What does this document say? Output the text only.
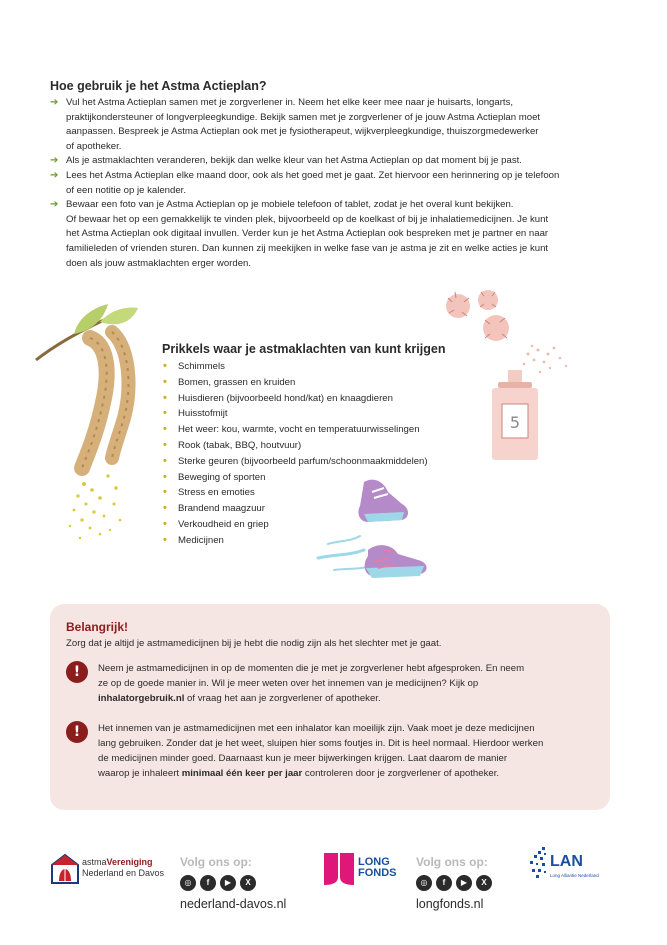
Hoe gebruik je het Astma Actieplan?
➔ Vul het Astma Actieplan samen met je zorgverlener in. Neem het elke keer mee naar je huisarts, longarts,
praktijkondersteuner of longverpleegkundige. Bekijk samen met je zorgverlener of je jouw Astma Actieplan moet
aanpassen. Bespreek je Astma Actieplan ook met je fysiotherapeut, wijkverpleegkundige, thuiszorgmedewerker
of apotheker.
➔ Als je astmaklachten veranderen, bekijk dan welke kleur van het Astma Actieplan op dat moment bij je past.
➔ Lees het Astma Actieplan elke maand door, ook als het goed met je gaat. Zet hiervoor een herinnering op je telefoon
of een notitie op je kalender.
➔ Bewaar een foto van je Astma Actieplan op je mobiele telefoon of tablet, zodat je het overal kunt bekijken.
Of bewaar het op een gemakkelijk te vinden plek, bijvoorbeeld op de koelkast of bij je inhalatiemedicijnen. Je kunt
het Astma Actieplan ook digitaal invullen. Verder kun je het Astma Actieplan ook bespreken met je partner en naar
familieleden of vrienden sturen. Dan kunnen zij meekijken in welke fase van je astma je zit en welke acties je kunt
doen als jouw astmaklachten erger worden.
Prikkels waar je astmaklachten van kunt krijgen
• Schimmels
• Bomen, grassen en kruiden
• Huisdieren (bijvoorbeeld hond/kat) en knaagdieren
• Huisstofmijt
• Het weer: kou, warmte, vocht en temperatuurwisselingen
• Rook (tabak, BBQ, houtvuur)
• Sterke geuren (bijvoorbeeld parfum/schoonmaakmiddelen)
• Beweging of sporten
• Stress en emoties
• Brandend maagzuur
• Verkoudheid en griep
• Medicijnen
5
Belangrijk!
Zorg dat je altijd je astmamedicijnen bij je hebt die nodig zijn als het slechter met je gaat.
!	Neem je astmamedicijnen in op de momenten die je met je zorgverlener hebt afgesproken. En neem
ze op de goede manier in. Wil je meer weten over het innemen van je medicijnen? Kijk op
inhalatorgebruik.nl of vraag het aan je zorgverlener of apotheker.
!	Het innemen van je astmamedicijnen met een inhalator kan moeilijk zijn. Vaak moet je deze medicijnen
lang gebruiken. Zonder dat je het weet, sluipen hier soms foutjes in. Dit is heel normaal. Hierdoor werken
de medicijnen minder goed. Daarnaast kun je meer bijwerkingen krijgen. Laat daarom de manier
waarop je inhaleert minimaal één keer per jaar controleren door je zorgverlener of apotheker.
astmaVereniging
Nederland en Davos
Volg ons op:
◎	f	▶	X
nederland-davos.nl
LONG
FONDS
Volg ons op:
◎	f	▶	X
longfonds.nl
LAN
Long Alliantie Nederland
